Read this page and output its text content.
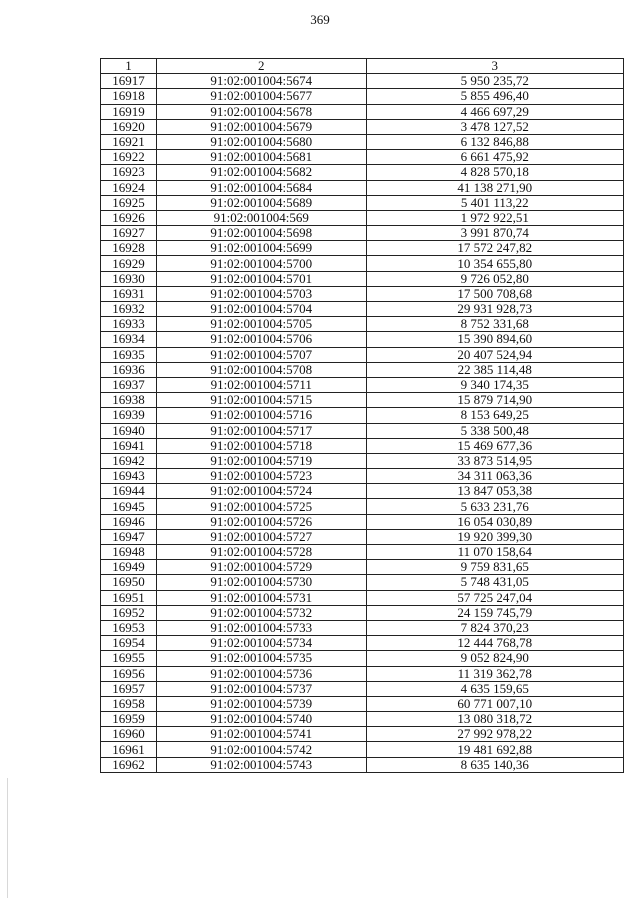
369
1	2	3
16917	91:02:001004:5674	5 950 235,72
16918	91:02:001004:5677	5 855 496,40
16919	91:02:001004:5678	4 466 697,29
16920	91:02:001004:5679	3 478 127,52
16921	91:02:001004:5680	6 132 846,88
16922	91:02:001004:5681	6 661 475,92
16923	91:02:001004:5682	4 828 570,18
16924	91:02:001004:5684	41 138 271,90
16925	91:02:001004:5689	5 401 113,22
16926	91:02:001004:569	1 972 922,51
16927	91:02:001004:5698	3 991 870,74
16928	91:02:001004:5699	17 572 247,82
16929	91:02:001004:5700	10 354 655,80
16930	91:02:001004:5701	9 726 052,80
16931	91:02:001004:5703	17 500 708,68
16932	91:02:001004:5704	29 931 928,73
16933	91:02:001004:5705	8 752 331,68
16934	91:02:001004:5706	15 390 894,60
16935	91:02:001004:5707	20 407 524,94
16936	91:02:001004:5708	22 385 114,48
16937	91:02:001004:5711	9 340 174,35
16938	91:02:001004:5715	15 879 714,90
16939	91:02:001004:5716	8 153 649,25
16940	91:02:001004:5717	5 338 500,48
16941	91:02:001004:5718	15 469 677,36
16942	91:02:001004:5719	33 873 514,95
16943	91:02:001004:5723	34 311 063,36
16944	91:02:001004:5724	13 847 053,38
16945	91:02:001004:5725	5 633 231,76
16946	91:02:001004:5726	16 054 030,89
16947	91:02:001004:5727	19 920 399,30
16948	91:02:001004:5728	11 070 158,64
16949	91:02:001004:5729	9 759 831,65
16950	91:02:001004:5730	5 748 431,05
16951	91:02:001004:5731	57 725 247,04
16952	91:02:001004:5732	24 159 745,79
16953	91:02:001004:5733	7 824 370,23
16954	91:02:001004:5734	12 444 768,78
16955	91:02:001004:5735	9 052 824,90
16956	91:02:001004:5736	11 319 362,78
16957	91:02:001004:5737	4 635 159,65
16958	91:02:001004:5739	60 771 007,10
16959	91:02:001004:5740	13 080 318,72
16960	91:02:001004:5741	27 992 978,22
16961	91:02:001004:5742	19 481 692,88
16962	91:02:001004:5743	8 635 140,36
